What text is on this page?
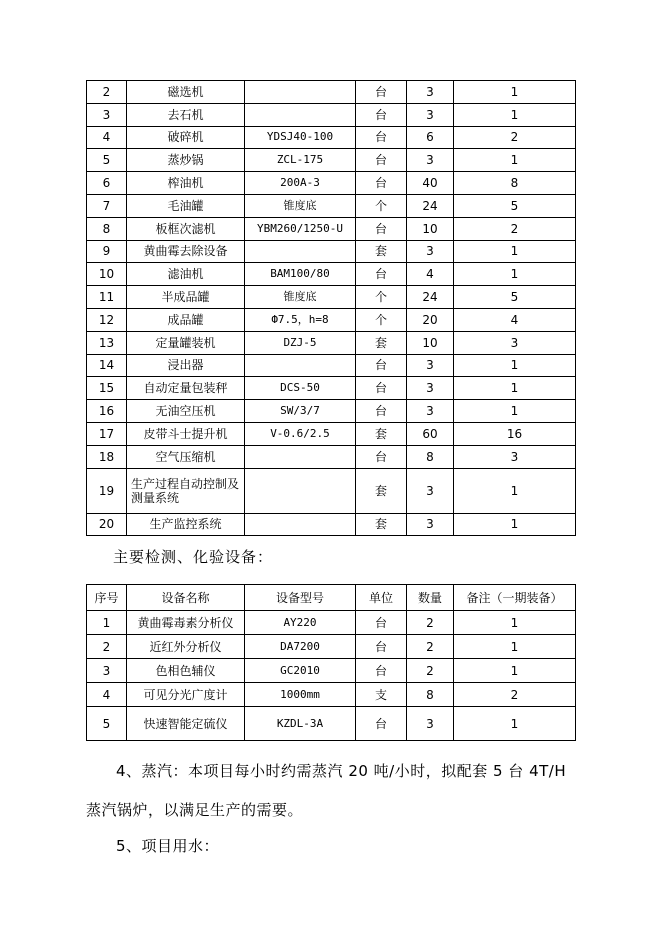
2	磁选机		台	3	1
3	去石机		台	3	1
4	破碎机	YDSJ40-100	台	6	2
5	蒸炒锅	ZCL-175	台	3	1
6	榨油机	200A-3	台	40	8
7	毛油罐	锥度底	个	24	5
8	板框次滤机	YBM260/1250-U	台	10	2
9	黄曲霉去除设备		套	3	1
10	滤油机	BAM100/80	台	4	1
11	半成品罐	锥度底	个	24	5
12	成品罐	Ф7.5，h=8	个	20	4
13	定量罐装机	DZJ-5	套	10	3
14	浸出器		台	3	1
15	自动定量包装秤	DCS-50	台	3	1
16	无油空压机	SW/3/7	台	3	1
17	皮带斗士提升机	V-0.6/2.5	套	60	16
18	空气压缩机		台	8	3
19	生产过程自动控制及测量系统		套	3	1
20	生产监控系统		套	3	1
主要检测、化验设备：
序号	设备名称	设备型号	单位	数量	备注（一期装备）
1	黄曲霉毒素分析仪	AY220	台	2	1
2	近红外分析仪	DA7200	台	2	1
3	色相色辅仪	GC2010	台	2	1
4	可见分光广度计	1000mm	支	8	2
5	快速智能定硫仪	KZDL-3A	台	3	1
4、蒸汽：本项目每小时约需蒸汽 20 吨/小时，拟配套 5 台 4T/H
蒸汽锅炉，以满足生产的需要。
5、项目用水：
